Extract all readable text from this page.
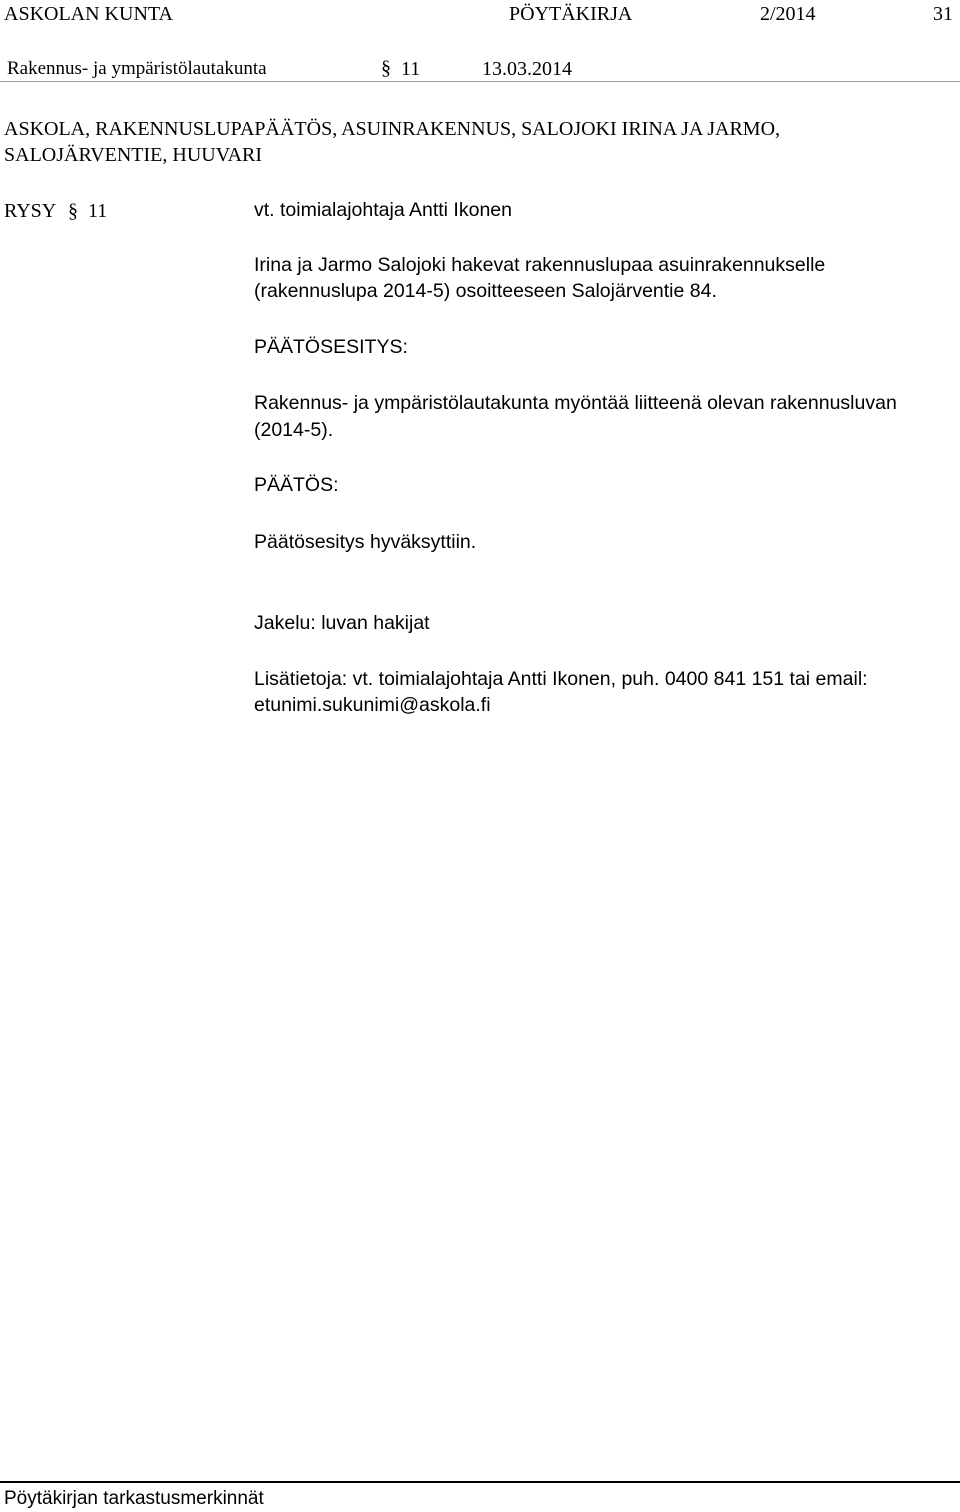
ASKOLAN KUNTA	PÖYTÄKIRJA	2/2014	31
Rakennus- ja ympäristölautakunta	§ 11	13.03.2014
ASKOLA, RAKENNUSLUPAPÄÄTÖS, ASUINRAKENNUS, SALOJOKI IRINA JA JARMO,
SALOJÄRVENTIE, HUUVARI
RYSY § 11	vt. toimialajohtaja Antti Ikonen
Irina ja Jarmo Salojoki hakevat rakennuslupaa asuinrakennukselle
(rakennuslupa 2014-5) osoitteeseen Salojärventie 84.
PÄÄTÖSESITYS:
Rakennus- ja ympäristölautakunta myöntää liitteenä olevan rakennusluvan
(2014-5).
PÄÄTÖS:
Päätösesitys hyväksyttiin.
Jakelu: luvan hakijat
Lisätietoja: vt. toimialajohtaja Antti Ikonen, puh. 0400 841 151 tai email:
etunimi.sukunimi@askola.fi
Pöytäkirjan tarkastusmerkinnät
